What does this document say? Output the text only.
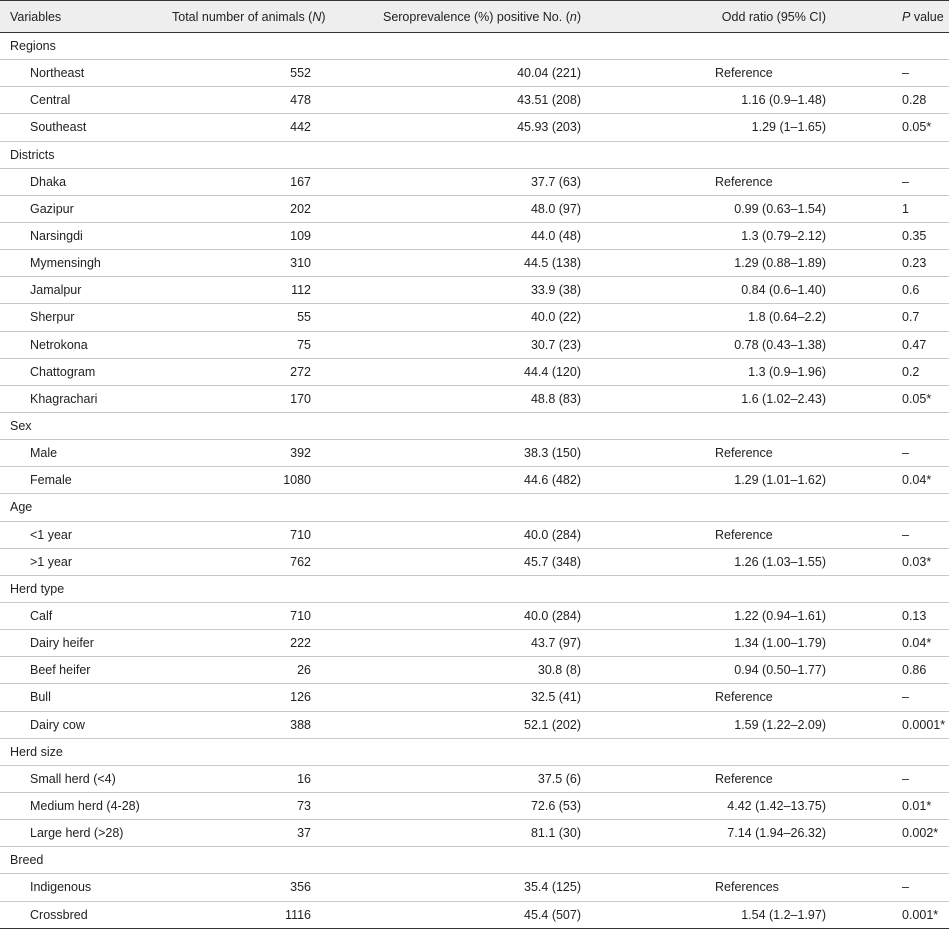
Variables	Total number of animals (N)	Seroprevalence (%) positive No. (n)	Odd ratio (95% CI)	P value
Regions				
Northeast	552	40.04 (221)	Reference	–
Central	478	43.51 (208)	1.16 (0.9–1.48)	0.28
Southeast	442	45.93 (203)	1.29 (1–1.65)	0.05*
Districts				
Dhaka	167	37.7 (63)	Reference	–
Gazipur	202	48.0 (97)	0.99 (0.63–1.54)	1
Narsingdi	109	44.0 (48)	1.3 (0.79–2.12)	0.35
Mymensingh	310	44.5 (138)	1.29 (0.88–1.89)	0.23
Jamalpur	112	33.9 (38)	0.84 (0.6–1.40)	0.6
Sherpur	55	40.0 (22)	1.8 (0.64–2.2)	0.7
Netrokona	75	30.7 (23)	0.78 (0.43–1.38)	0.47
Chattogram	272	44.4 (120)	1.3 (0.9–1.96)	0.2
Khagrachari	170	48.8 (83)	1.6 (1.02–2.43)	0.05*
Sex				
Male	392	38.3 (150)	Reference	–
Female	1080	44.6 (482)	1.29 (1.01–1.62)	0.04*
Age				
<1 year	710	40.0 (284)	Reference	–
>1 year	762	45.7 (348)	1.26 (1.03–1.55)	0.03*
Herd type				
Calf	710	40.0 (284)	1.22 (0.94–1.61)	0.13
Dairy heifer	222	43.7 (97)	1.34 (1.00–1.79)	0.04*
Beef heifer	26	30.8 (8)	0.94 (0.50–1.77)	0.86
Bull	126	32.5 (41)	Reference	–
Dairy cow	388	52.1 (202)	1.59 (1.22–2.09)	0.0001*
Herd size				
Small herd (<4)	16	37.5 (6)	Reference	–
Medium herd (4-28)	73	72.6 (53)	4.42 (1.42–13.75)	0.01*
Large herd (>28)	37	81.1 (30)	7.14 (1.94–26.32)	0.002*
Breed				
Indigenous	356	35.4 (125)	References	–
Crossbred	1116	45.4 (507)	1.54 (1.2–1.97)	0.001*
